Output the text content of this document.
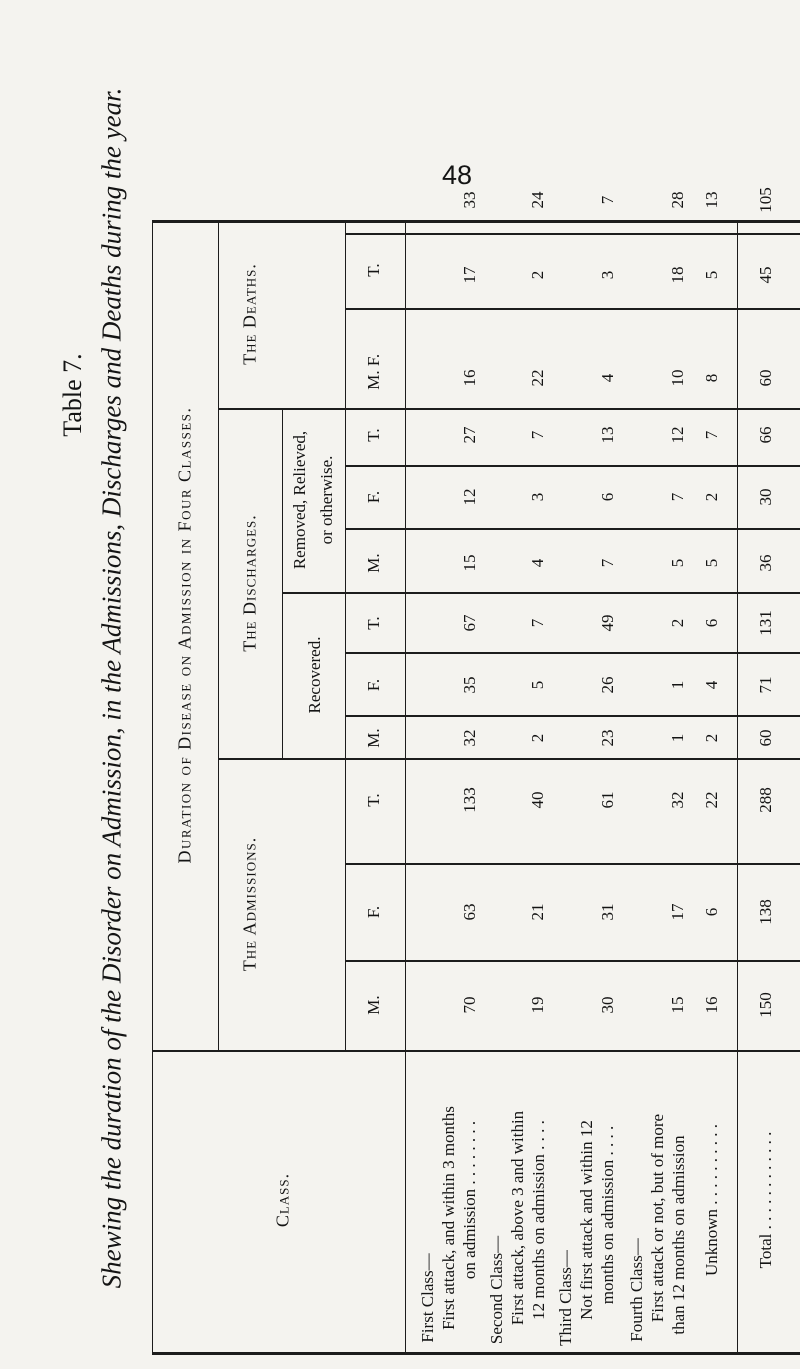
Table 7. Shewing the duration of the Disorder on Admission, in the Admissions, Discharges and Deaths during the year.	48
Duration of Disease on Admission in Four Classes.
The Deaths.
The Discharges.
The Admissions.
Removed, Relieved, or otherwise.
Recovered.
Class.
T.
F.
M.
T.
F.
M.
T.
F.
M.
T.
F.
M.
First Class— First attack, and within 3 months on admission . . . . . . . .
Second Class— First attack, above 3 and within 12 months on admission . . . . Third Class— Not first attack and within 12 months on admission . . . . Fourth Class— First attack or not, but of more than 12 months on admission Unknown . . . . . . . . . . Total . . . . . . . . . . . .
70
63
133
19
21
40
30
31
61
15
17
32
16
6
22
150
138
288
32
35
67
2
5
7
23
26
49
1
1
2
2
4
6
60
71
131
15
12
27
4
3
7
7
6
13
5
7
12
5
2
7
36
30
66
16
17
33
22
2
24
4
3
7
10
18
28
8
5
13
60
45
105
